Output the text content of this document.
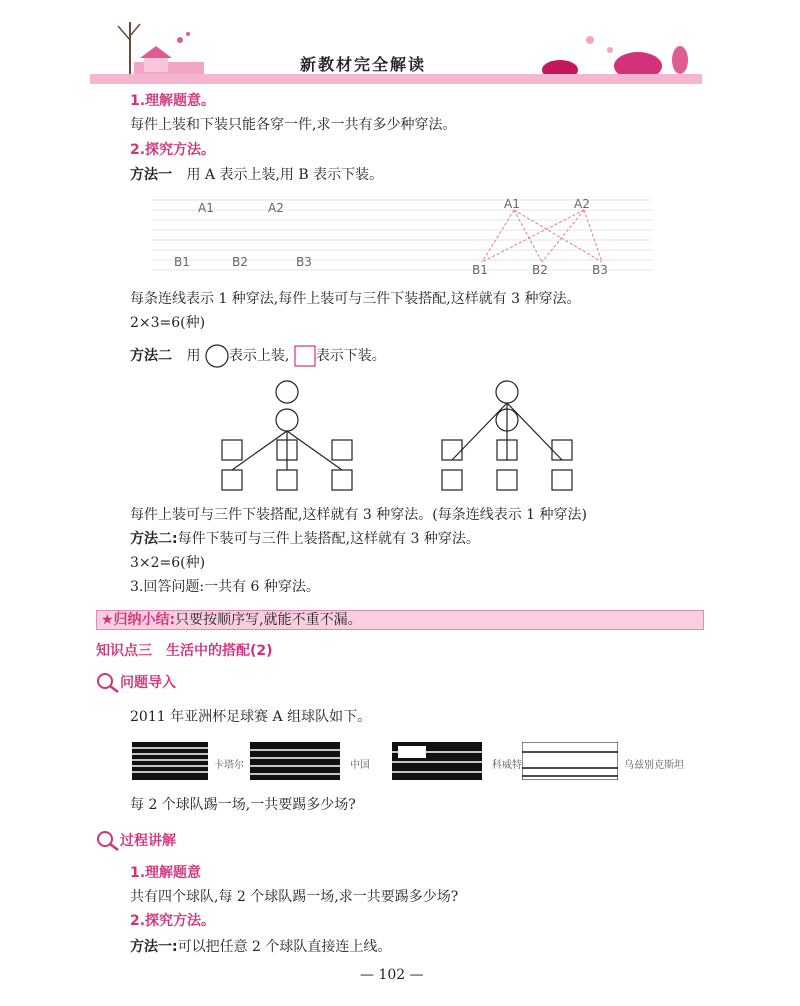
新教材完全解读
1.理解题意。
每件上装和下装只能各穿一件,求一共有多少种穿法。
2.探究方法。
方法一 用 A 表示上装,用 B 表示下装。
A1	A2
B1	B2	B3
A1	A2
B1	B2	B3
每条连线表示 1 种穿法,每件上装可与三件下装搭配,这样就有 3 种穿法。
2×3=6(种)
方法二 用 表示上装, 表示下装。
每件上装可与三件下装搭配,这样就有 3 种穿法。(每条连线表示 1 种穿法)
方法二:每件下装可与三件上装搭配,这样就有 3 种穿法。
3×2=6(种)
3.回答问题:一共有 6 种穿法。
★归纳小结:只要按顺序写,就能不重不漏。
知识点三　生活中的搭配(2)
问题导入
2011 年亚洲杯足球赛 A 组球队如下。
卡塔尔	中国	科威特	乌兹别克斯坦
每 2 个球队踢一场,一共要踢多少场?
过程讲解
1.理解题意
共有四个球队,每 2 个球队踢一场,求一共要踢多少场?
2.探究方法。
方法一:可以把任意 2 个球队直接连上线。
— 102 —
